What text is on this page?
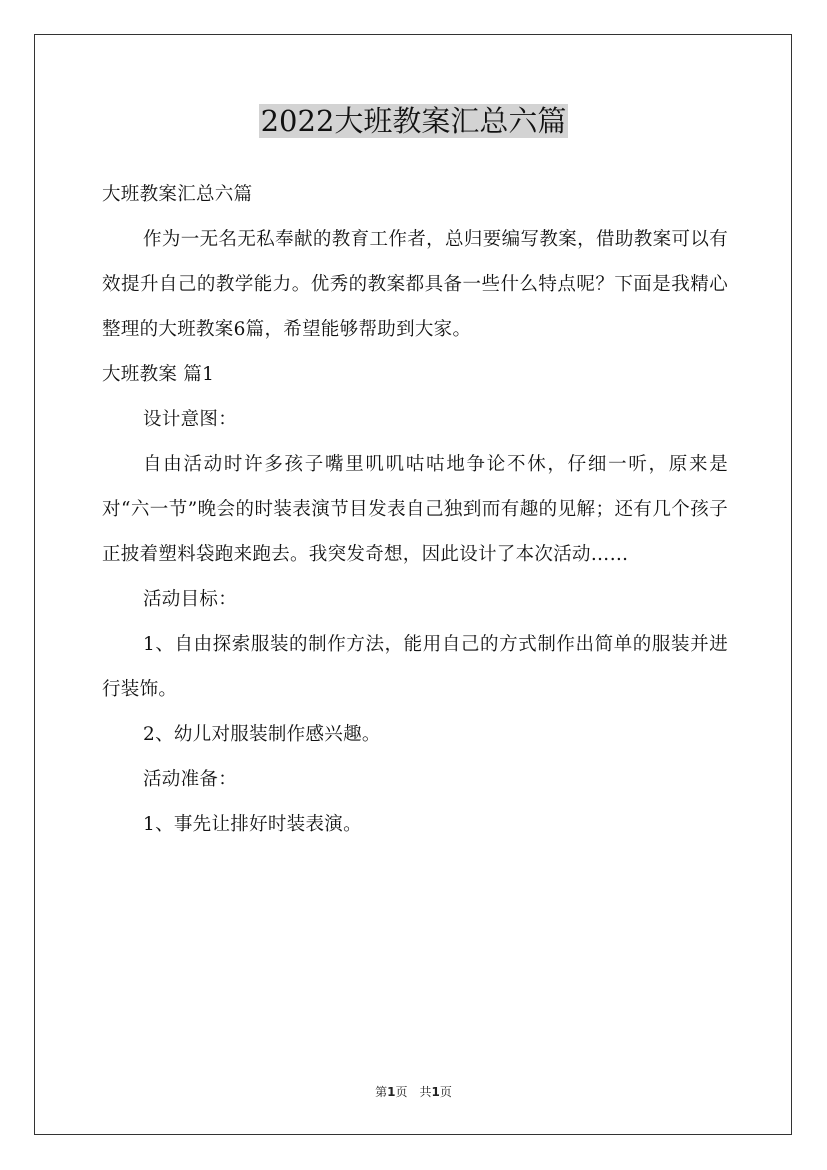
2022大班教案汇总六篇

大班教案汇总六篇

作为一无名无私奉献的教育工作者，总归要编写教案，借助教案可以有效提升自己的教学能力。优秀的教案都具备一些什么特点呢？下面是我精心整理的大班教案6篇，希望能够帮助到大家。

大班教案 篇1

设计意图：

自由活动时许多孩子嘴里叽叽咕咕地争论不休，仔细一听，原来是对“六一节”晚会的时装表演节目发表自己独到而有趣的见解；还有几个孩子正披着塑料袋跑来跑去。我突发奇想，因此设计了本次活动……

活动目标：

1、自由探索服装的制作方法，能用自己的方式制作出简单的服装并进行装饰。

2、幼儿对服装制作感兴趣。

活动准备：

1、事先让排好时装表演。

第1页　共1页
